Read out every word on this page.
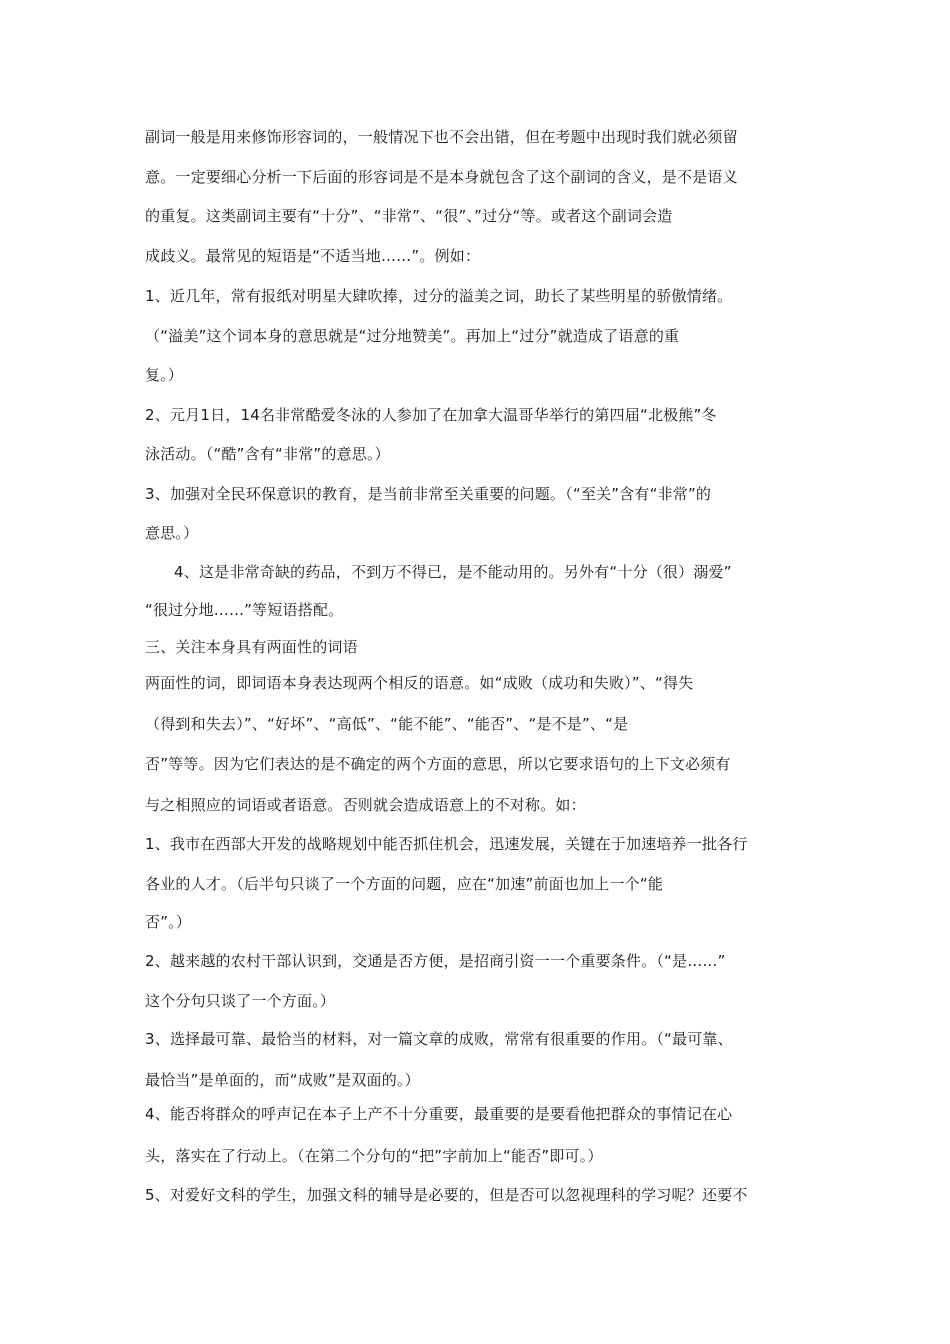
副词一般是用来修饰形容词的，一般情况下也不会出错，但在考题中出现时我们就必须留
意。一定要细心分析一下后面的形容词是不是本身就包含了这个副词的含义，是不是语义
的重复。这类副词主要有“十分”、“非常”、“很”、”过分“等。或者这个副词会造
成歧义。最常见的短语是“不适当地……”。例如：
1、近几年，常有报纸对明星大肆吹捧，过分的溢美之词，助长了某些明星的骄傲情绪。
（“溢美”这个词本身的意思就是“过分地赞美”。再加上“过分”就造成了语意的重
复。）
2、元月1日，14名非常酷爱冬泳的人参加了在加拿大温哥华举行的第四届“北极熊”冬
泳活动。（“酷”含有“非常”的意思。）
3、加强对全民环保意识的教育，是当前非常至关重要的问题。（“至关”含有“非常”的
意思。）
4、这是非常奇缺的药品，不到万不得已，是不能动用的。另外有“十分（很）溺爱”
“很过分地……”等短语搭配。
三、关注本身具有两面性的词语
两面性的词，即词语本身表达现两个相反的语意。如“成败（成功和失败）”、“得失
（得到和失去）”、“好坏”、“高低”、“能不能”、“能否”、“是不是”、“是
否”等等。因为它们表达的是不确定的两个方面的意思，所以它要求语句的上下文必须有
与之相照应的词语或者语意。否则就会造成语意上的不对称。如：
1、我市在西部大开发的战略规划中能否抓住机会，迅速发展，关键在于加速培养一批各行
各业的人才。（后半句只谈了一个方面的问题，应在“加速”前面也加上一个“能
否”。）
2、越来越的农村干部认识到，交通是否方便，是招商引资一一个重要条件。（“是……”
这个分句只谈了一个方面。）
3、选择最可靠、最恰当的材料，对一篇文章的成败，常常有很重要的作用。（“最可靠、
最恰当”是单面的，而“成败”是双面的。）
4、能否将群众的呼声记在本子上产不十分重要，最重要的是要看他把群众的事情记在心
头，落实在了行动上。（在第二个分句的“把”字前加上“能否”即可。）
5、对爱好文科的学生，加强文科的辅导是必要的，但是否可以忽视理科的学习呢？还要不
